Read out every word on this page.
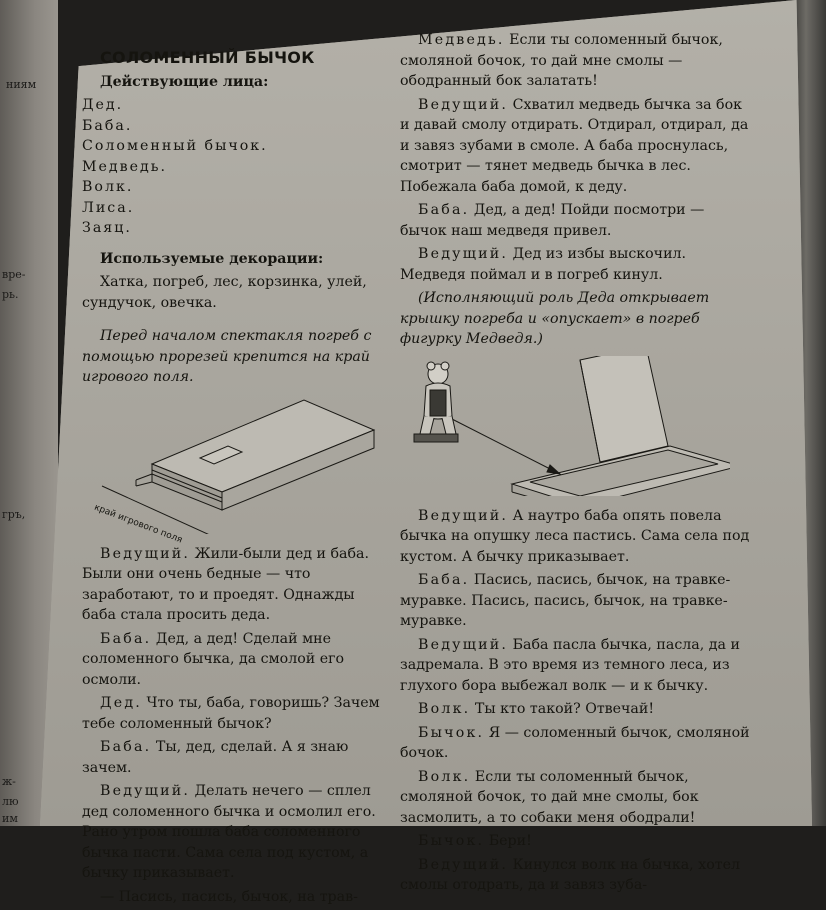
ниям
вре-
рь.
гръ,
ж-
лю
им

СОЛОМЕННЫЙ БЫЧОК

Действующие лица:

Дед.
Баба.
Соломенный бычок.
Медведь.
Волк.
Лиса.
Заяц.

Используемые декорации:

Хатка, погреб, лес, корзинка, улей, сундучок, овечка.

Перед началом спектакля погреб с помощью прорезей крепится на край игрового поля.

край игрового поля

Ведущий. Жили-были дед и баба. Были они очень бедные — что заработают, то и проедят. Однажды баба стала просить деда.

Баба. Дед, а дед! Сделай мне соломенного бычка, да смолой его осмоли.

Дед. Что ты, баба, говоришь? Зачем тебе соломенный бычок?

Баба. Ты, дед, сделай. А я знаю зачем.

Ведущий. Делать нечего — сплел дед соломенного бычка и осмолил его. Рано утром пошла баба соломенного бычка пасти. Сама села под кустом, а бычку приказывает.

— Пасись, пасись, бычок, на трав-

Медведь. Если ты соломенный бычок, смоляной бочок, то дай мне смолы — ободранный бок залатать!

Ведущий. Схватил медведь бычка за бок и давай смолу отдирать. Отдирал, отдирал, да и завяз зубами в смоле. А баба проснулась, смотрит — тянет медведь бычка в лес. Побежала баба домой, к деду.

Баба. Дед, а дед! Пойди посмотри — бычок наш медведя привел.

Ведущий. Дед из избы выскочил. Медведя поймал и в погреб кинул.

(Исполняющий роль Деда открывает крышку погреба и «опускает» в погреб фигурку Медведя.)

Ведущий. А наутро баба опять повела бычка на опушку леса пастись. Сама села под кустом. А бычку приказывает.

Баба. Пасись, пасись, бычок, на травке-муравке. Пасись, пасись, бычок, на травке-муравке.

Ведущий. Баба пасла бычка, пасла, да и задремала. В это время из темного леса, из глухого бора выбежал волк — и к бычку.

Волк. Ты кто такой? Отвечай!

Бычок. Я — соломенный бычок, смоляной бочок.

Волк. Если ты соломенный бычок, смоляной бочок, то дай мне смолы, бок засмолить, а то собаки меня ободрали!

Бычок. Бери!

Ведущий. Кинулся волк на бычка, хотел смолы отодрать, да и завяз зуба-
